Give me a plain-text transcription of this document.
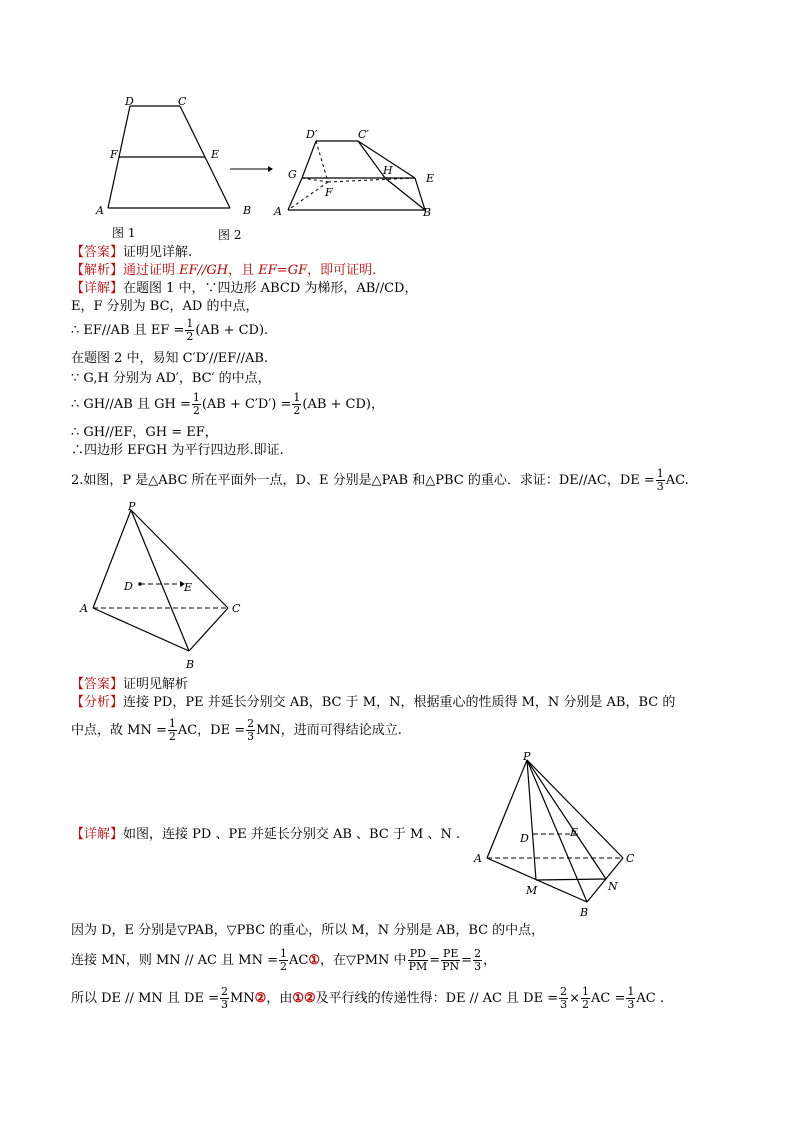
D	C
F	E
A	B
图 1
D′	C′
G	H
E
F
A	B
图 2
【答案】证明见详解.
【解析】通过证明 EF//GH，且 EF=GF，即可证明.
【详解】在题图 1 中，∵四边形 ABCD 为梯形，AB//CD，
E，F 分别为 BC，AD 的中点，
∴ EF//AB 且 EF = $\frac{1}{2} (AB + CD)$.
在题图 2 中，易知 C′D′//EF//AB.
∵ G,H 分别为 AD′，BC′ 的中点，
∴ GH//AB 且 GH = $\frac{1}{2} (AB + C'D') = \frac{1}{2} (AB + CD)$，
∴ GH//EF，GH = EF，
∴四边形 EFGH 为平行四边形.即证.
2.如图，P 是△ABC 所在平面外一点，D、E 分别是△PAB 和△PBC 的重心．求证：DE//AC，DE = $\frac{1}{3}$ AC.
P
D	E
A	C
B
【答案】证明见解析
【分析】连接 PD，PE 并延长分别交 AB，BC 于 M，N，根据重心的性质得 M，N 分别是 AB，BC 的
中点，故 MN = $\frac{1}{2}$ AC，DE = $\frac{2}{3}$ MN，进而可得结论成立.
P
D	E
A	C
M	N
B
【详解】如图，连接 PD 、PE 并延长分别交 AB 、BC 于 M 、N .
因为 D，E 分别是▽PAB，▽PBC 的重心，所以 M，N 分别是 AB，BC 的中点，
连接 MN，则 MN // AC 且 MN = $\frac{1}{2}$ AC①，在▽PMN 中 $\frac{PD}{PM} = \frac{PE}{PN} = \frac{2}{3}$ ，
所以 DE // MN 且 DE = $\frac{2}{3}$ MN②，由①②及平行线的传递性得：DE // AC 且 DE = $\frac{2}{3} \times \frac{1}{2}$ AC = $\frac{1}{3}$ AC .
